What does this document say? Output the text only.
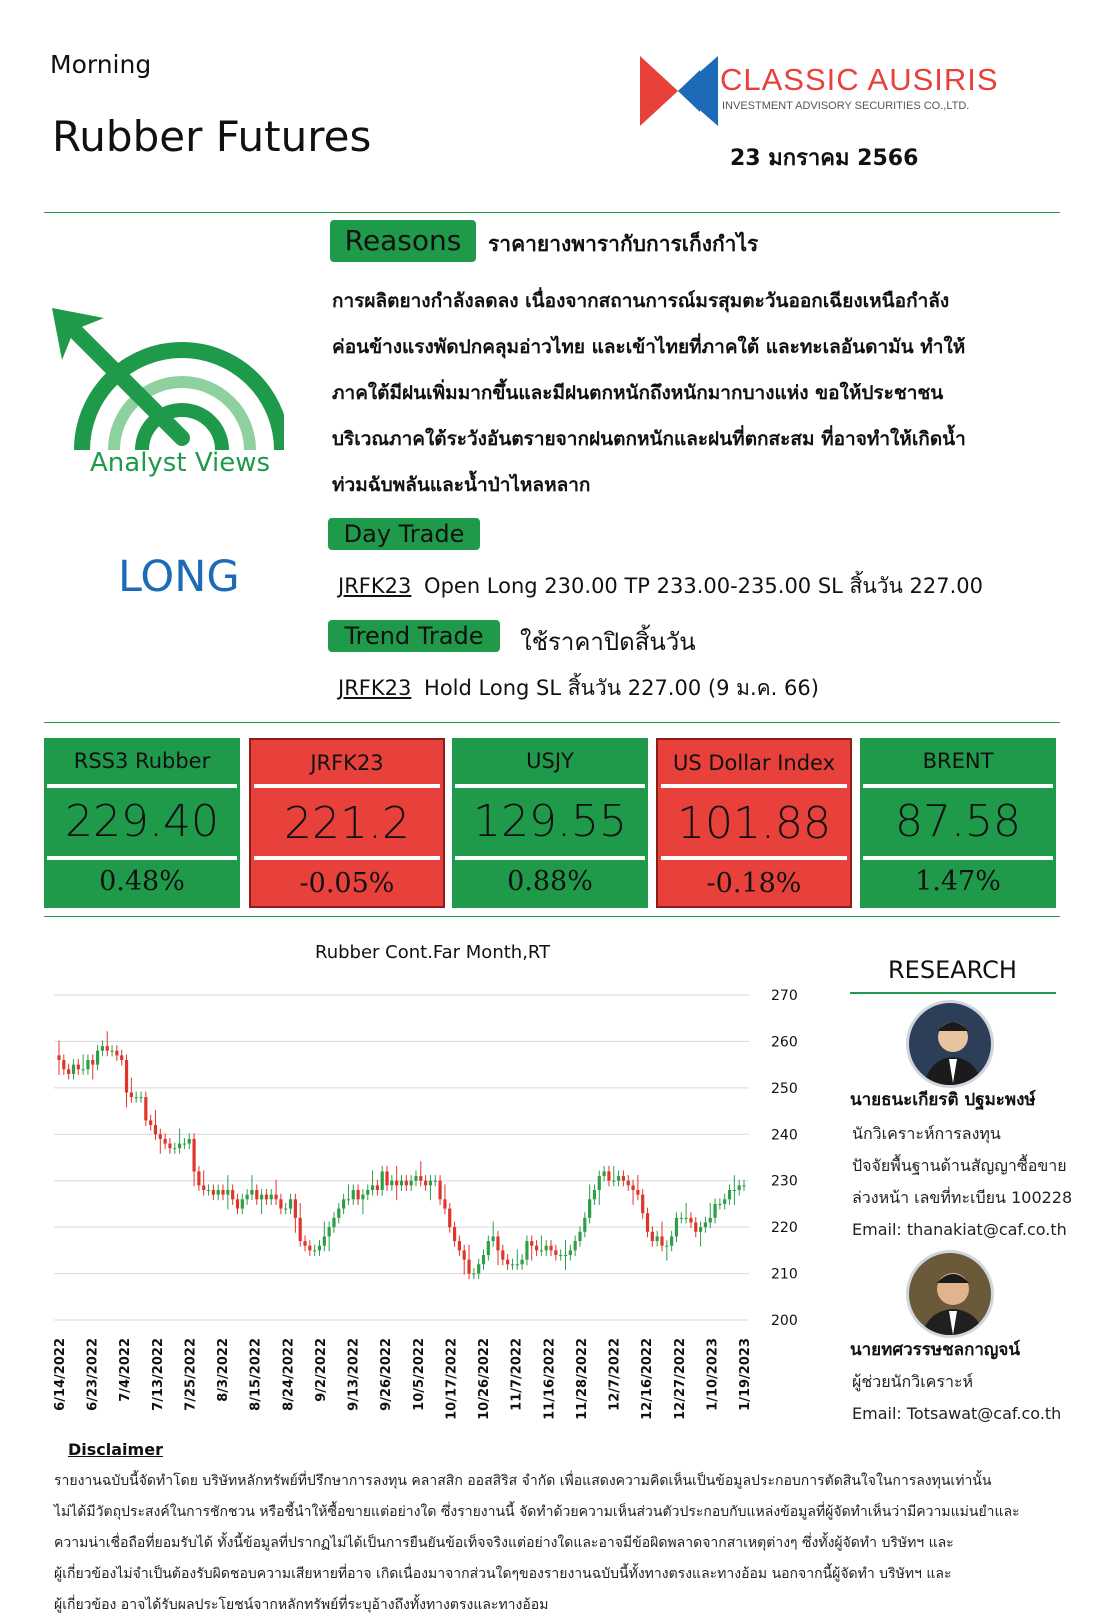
Morning
Rubber Futures
CLASSIC AUSIRIS
INVESTMENT ADVISORY SECURITIES CO.,LTD.
23 มกราคม 2566
Analyst Views
LONG
Reasons	ราคายางพารากับการเก็งกำไร
การผลิตยางกำลังลดลง เนื่องจากสถานการณ์มรสุมตะวันออกเฉียงเหนือกำลัง
ค่อนข้างแรงพัดปกคลุมอ่าวไทย และเข้าไทยที่ภาคใต้ และทะเลอันดามัน ทำให้
ภาคใต้มีฝนเพิ่มมากขึ้นและมีฝนตกหนักถึงหนักมากบางแห่ง ขอให้ประชาชน
บริเวณภาคใต้ระวังอันตรายจากฝนตกหนักและฝนที่ตกสะสม ที่อาจทำให้เกิดน้ำ
ท่วมฉับพลันและน้ำป่าไหลหลาก
Day Trade
JRFK23 Open Long 230.00 TP 233.00-235.00 SL สิ้นวัน 227.00
Trend Trade	ใช้ราคาปิดสิ้นวัน
JRFK23 Hold Long SL สิ้นวัน 227.00 (9 ม.ค. 66)
RSS3 Rubber
229.40
0.48%
JRFK23
221.2
-0.05%
USJY
129.55
0.88%
US Dollar Index
101.88
-0.18%
BRENT
87.58
1.47%
Rubber Cont.Far Month,RT
200
210
220
230
240
250
260
270
6/14/2022 6/23/2022 7/4/2022 7/13/2022 7/25/2022 8/3/2022 8/15/2022 8/24/2022 9/2/2022 9/13/2022 9/26/2022 10/5/2022 10/17/2022 10/26/2022 11/7/2022 11/16/2022 11/28/2022 12/7/2022 12/16/2022 12/27/2022 1/10/2023 1/19/2023
RESEARCH
นายธนะเกียรติ ปฐมะพงษ์
นักวิเคราะห์การลงทุน
ปัจจัยพื้นฐานด้านสัญญาซื้อขาย
ล่วงหน้า เลขที่ทะเบียน 100228
Email: thanakiat@caf.co.th
นายทศวรรษชลกาญจน์
ผู้ช่วยนักวิเคราะห์
Email: Totsawat@caf.co.th
Disclaimer
รายงานฉบับนี้จัดทำโดย บริษัทหลักทรัพย์ที่ปรึกษาการลงทุน คลาสสิก ออสสิริส จำกัด เพื่อแสดงความคิดเห็นเป็นข้อมูลประกอบการตัดสินใจในการลงทุนเท่านั้น
ไม่ได้มีวัตถุประสงค์ในการชักชวน หรือชี้นำให้ซื้อขายแต่อย่างใด ซึ่งรายงานนี้ จัดทำด้วยความเห็นส่วนตัวประกอบกับแหล่งข้อมูลที่ผู้จัดทำเห็นว่ามีความแม่นยำและ
ความน่าเชื่อถือที่ยอมรับได้ ทั้งนี้ข้อมูลที่ปรากฏไม่ได้เป็นการยืนยันข้อเท็จจริงแต่อย่างใดและอาจมีข้อผิดพลาดจากสาเหตุต่างๆ ซึ่งทั้งผู้จัดทำ บริษัทฯ และ
ผู้เกี่ยวข้องไม่จำเป็นต้องรับผิดชอบความเสียหายที่อาจ เกิดเนื่องมาจากส่วนใดๆของรายงานฉบับนี้ทั้งทางตรงและทางอ้อม นอกจากนี้ผู้จัดทำ บริษัทฯ และ
ผู้เกี่ยวข้อง อาจได้รับผลประโยชน์จากหลักทรัพย์ที่ระบุอ้างถึงทั้งทางตรงและทางอ้อม
